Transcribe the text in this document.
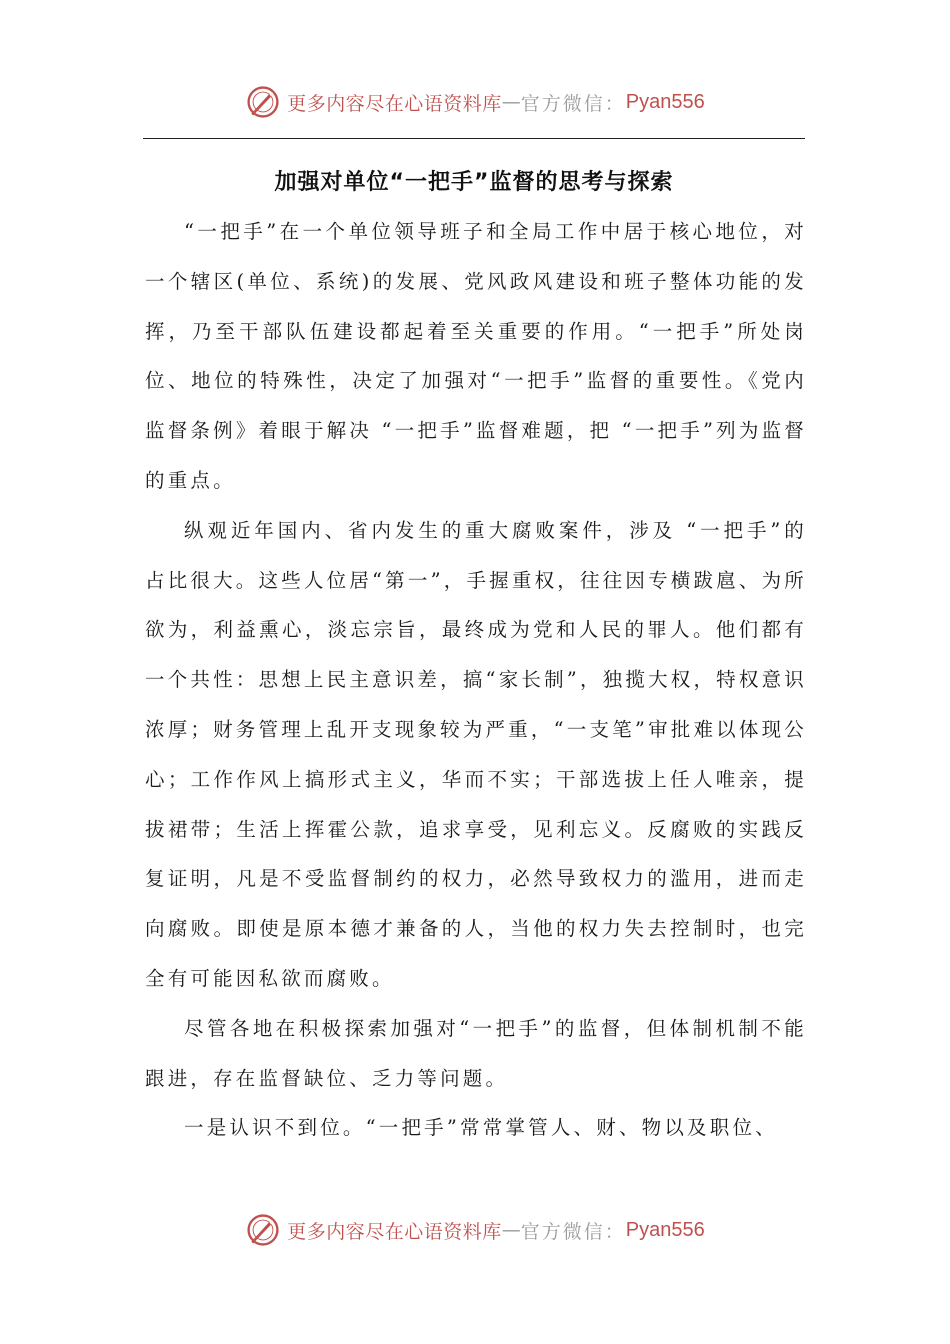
更多内容尽在心语资料库 — 官方微信： Pyan556
加强对单位“一把手”监督的思考与探索

“一把手”在一个单位领导班子和全局工作中居于核心地位，对一个辖区(单位、系统)的发展、党风政风建设和班子整体功能的发挥，乃至干部队伍建设都起着至关重要的作用。“一把手”所处岗位、地位的特殊性，决定了加强对“一把手”监督的重要性。《党内监督条例》着眼于解决 “一把手”监督难题，把 “一把手”列为监督的重点。

纵观近年国内、省内发生的重大腐败案件，涉及 “一把手”的占比很大。这些人位居“第一”，手握重权，往往因专横跋扈、为所欲为，利益熏心，淡忘宗旨，最终成为党和人民的罪人。他们都有一个共性：思想上民主意识差，搞“家长制”，独揽大权，特权意识浓厚；财务管理上乱开支现象较为严重，“一支笔”审批难以体现公心；工作作风上搞形式主义，华而不实；干部选拔上任人唯亲，提拔裙带；生活上挥霍公款，追求享受，见利忘义。反腐败的实践反复证明，凡是不受监督制约的权力，必然导致权力的滥用，进而走向腐败。即使是原本德才兼备的人，当他的权力失去控制时，也完全有可能因私欲而腐败。

尽管各地在积极探索加强对“一把手”的监督，但体制机制不能跟进，存在监督缺位、乏力等问题。

一是认识不到位。“一把手”常常掌管人、财、物以及职位、

更多内容尽在心语资料库 — 官方微信： Pyan556
